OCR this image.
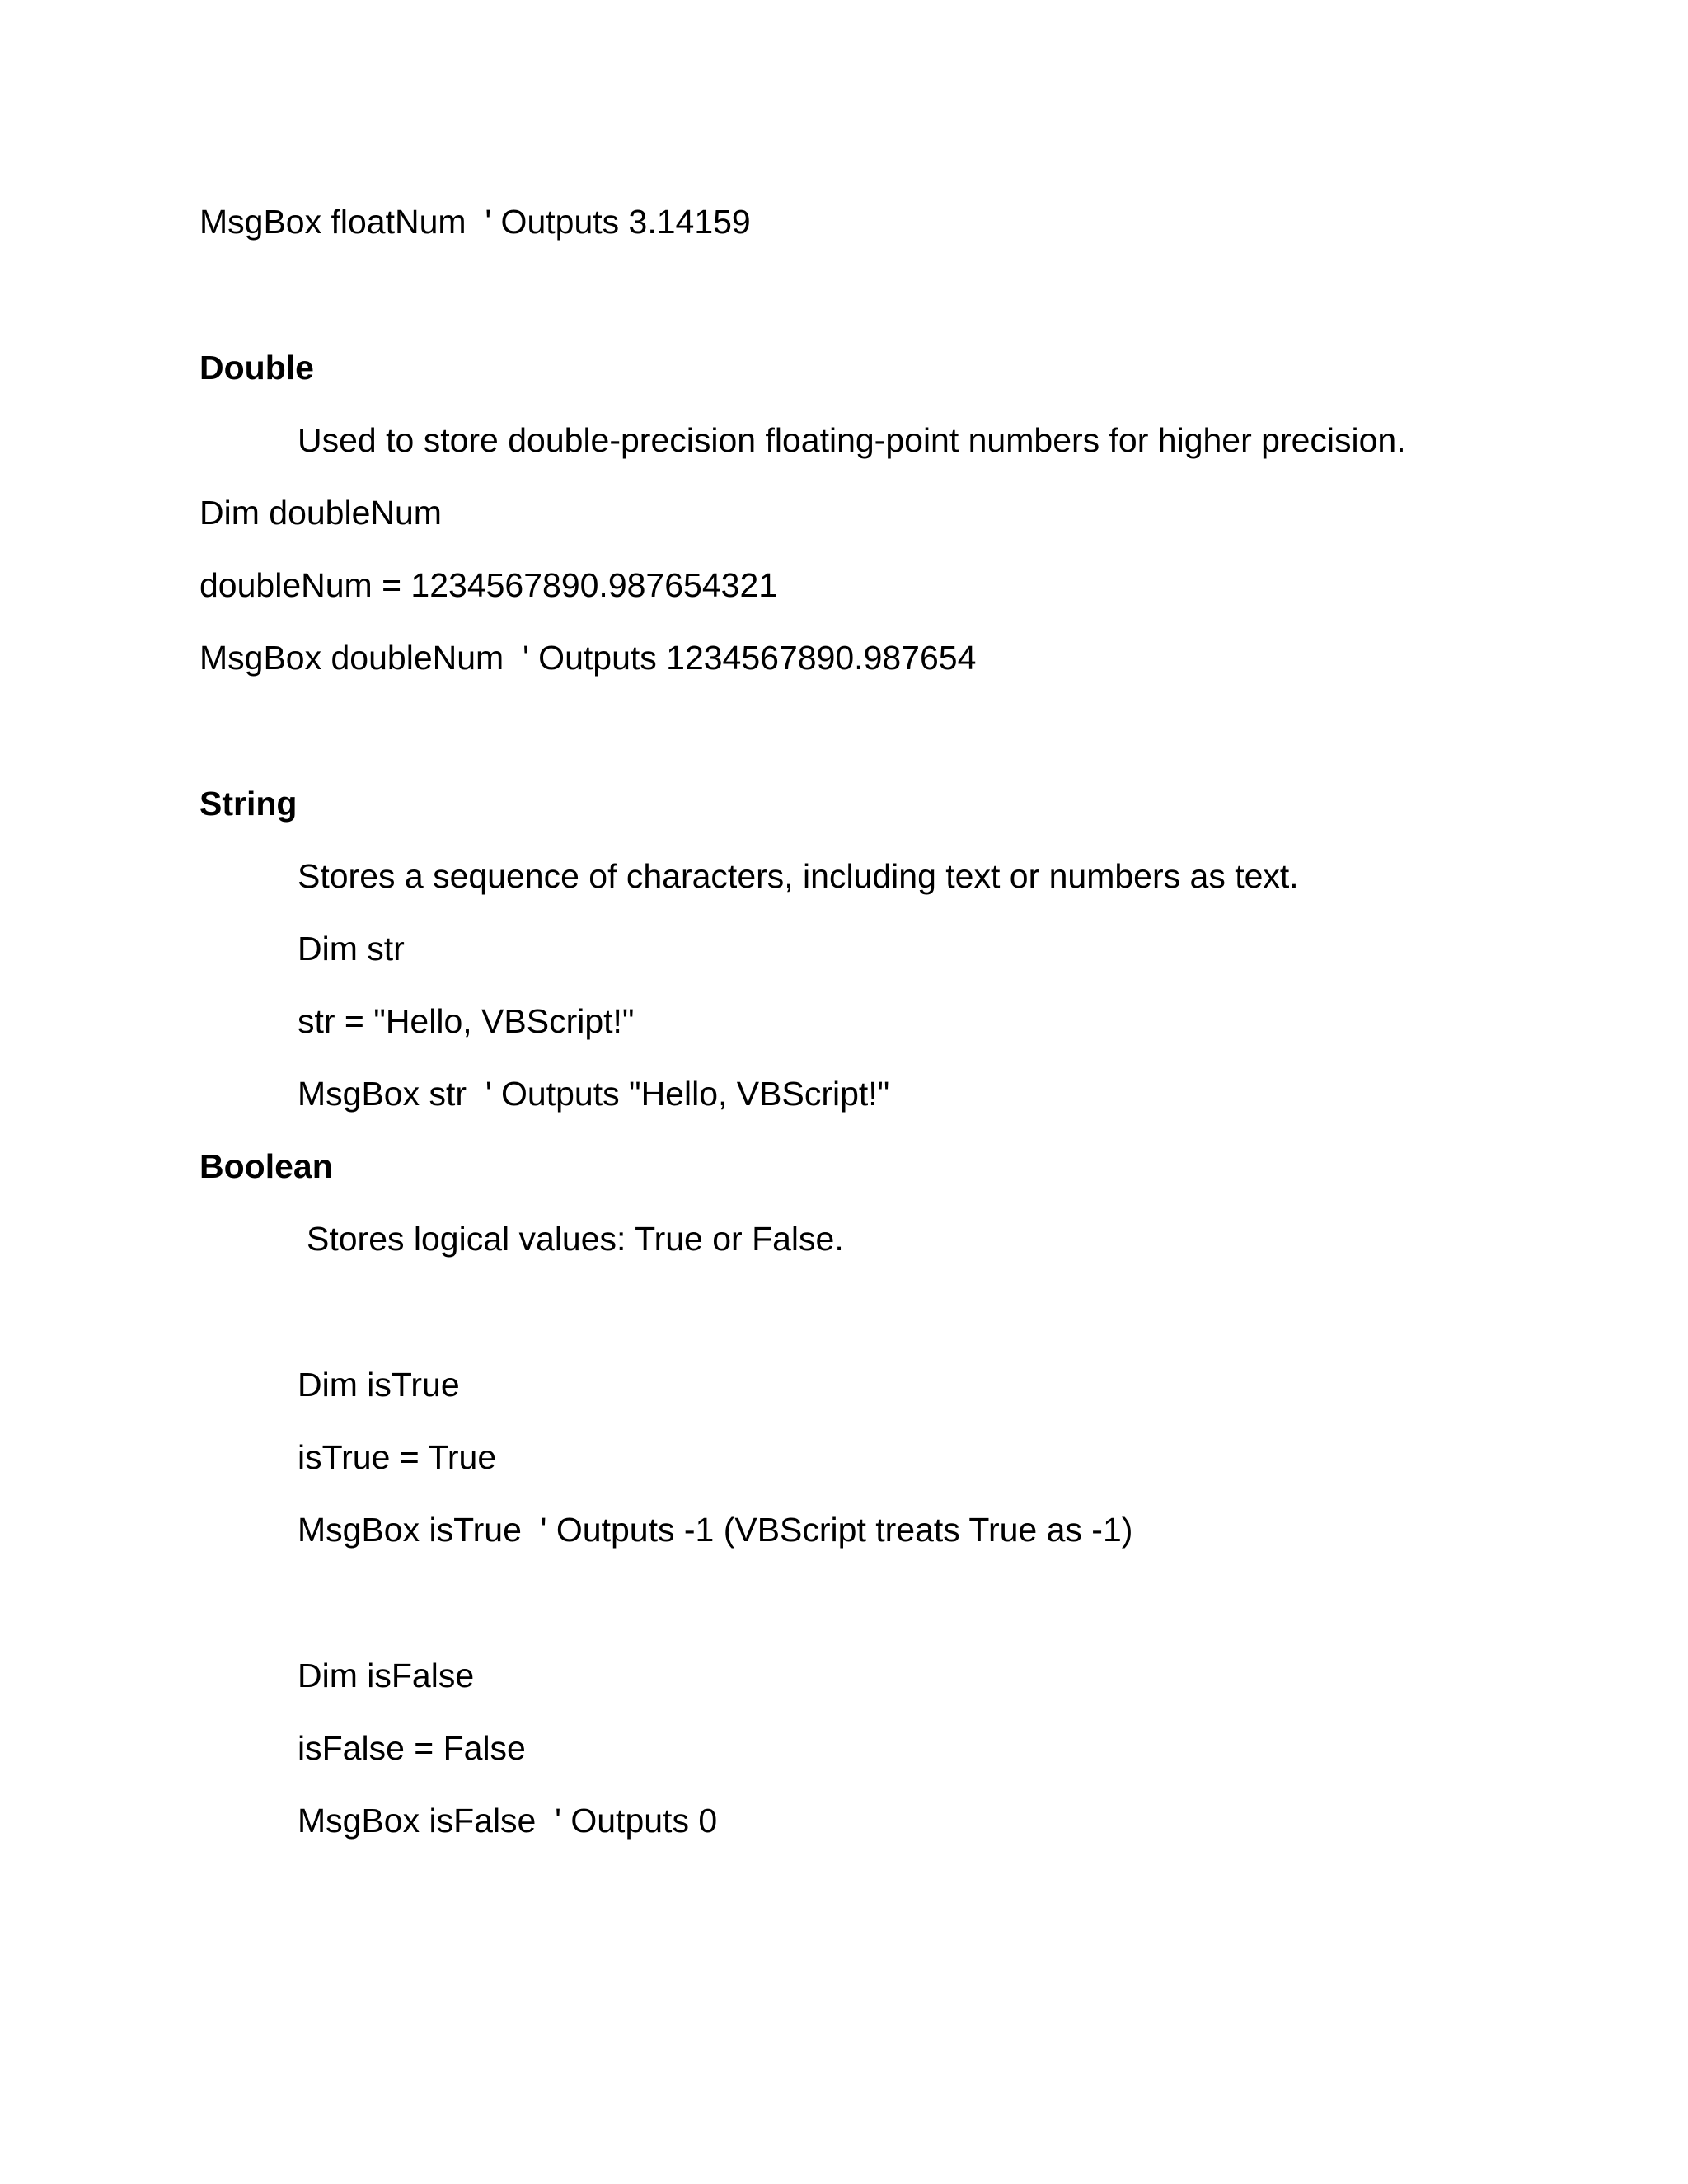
MsgBox floatNum  ' Outputs 3.14159
Double
Used to store double-precision floating-point numbers for higher precision.
Dim doubleNum
doubleNum = 1234567890.987654321
MsgBox doubleNum  ' Outputs 1234567890.987654
String
Stores a sequence of characters, including text or numbers as text.
Dim str
str = "Hello, VBScript!"
MsgBox str  ' Outputs "Hello, VBScript!"
Boolean
Stores logical values: True or False.
Dim isTrue
isTrue = True
MsgBox isTrue  ' Outputs -1 (VBScript treats True as -1)
Dim isFalse
isFalse = False
MsgBox isFalse  ' Outputs 0
